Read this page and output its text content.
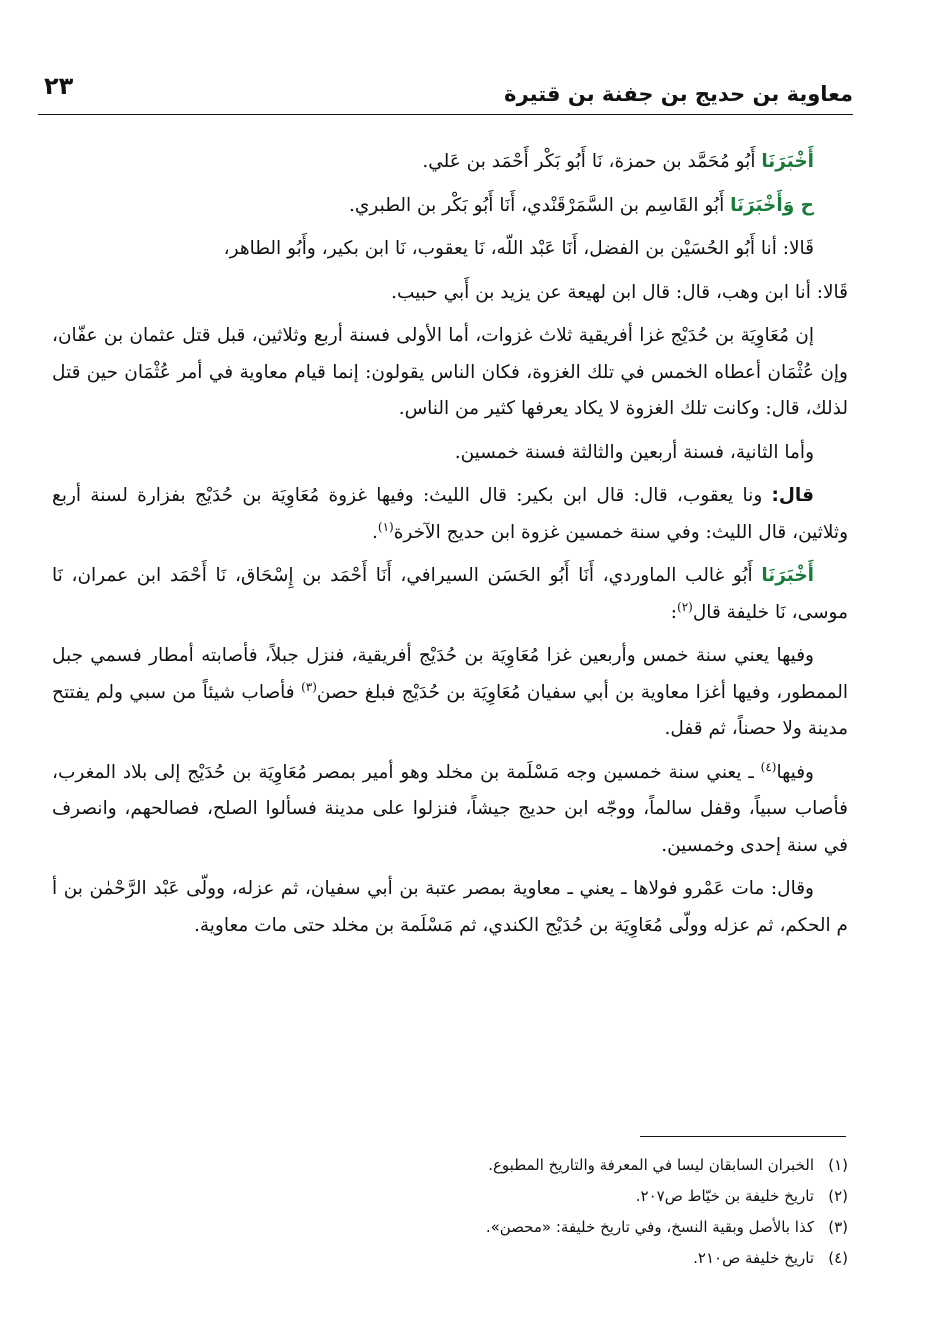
معاوية بن حديج بن جفنة بن قتيرة
٢٣

أَخْبَرَنَا أَبُو مُحَمَّد بن حمزة، نَا أَبُو بَكْر أَحْمَد بن عَلي.

ح وَأَخْبَرَنَا أَبُو القَاسِم بن السَّمَرْقَنْدي، أَنَا أَبُو بَكْر بن الطبري.

قَالا: أنا أَبُو الحُسَيْن بن الفضل، أَنَا عَبْد اللّه، نَا يعقوب، نَا ابن بكير، وأَبُو الطاهر،

قَالا: أنا ابن وهب، قال: قال ابن لهيعة عن يزيد بن أَبي حبيب.

إن مُعَاوِيَة بن حُدَيْج غزا أفريقية ثلاث غزوات، أما الأولى فسنة أربع وثلاثين، قبل قتل عثمان بن عفّان، وإن عُثْمَان أعطاه الخمس في تلك الغزوة، فكان الناس يقولون: إنما قيام معاوية في أمر عُثْمَان حين قتل لذلك، قال: وكانت تلك الغزوة لا يكاد يعرفها كثير من الناس.

وأما الثانية، فسنة أربعين والثالثة فسنة خمسين.

قال: ونا يعقوب، قال: قال ابن بكير: قال الليث: وفيها غزوة مُعَاوِيَة بن حُدَيْج بفزارة لسنة أربع وثلاثين، قال الليث: وفي سنة خمسين غزوة ابن حديج الآخرة$^{(١)}$.

أَخْبَرَنَا أَبُو غالب الماوردي، أَنَا أَبُو الحَسَن السيرافي، أَنَا أَحْمَد بن إِسْحَاق، نَا أَحْمَد ابن عمران، نَا موسى، نَا خليفة قال$^{(٢)}$:

وفيها يعني سنة خمس وأربعين غزا مُعَاوِيَة بن حُدَيْج أفريقية، فنزل جبلاً، فأصابته أمطار فسمي جبل الممطور، وفيها أغزا معاوية بن أبي سفيان مُعَاوِيَة بن حُدَيْج فبلغ حصن$^{(٣)}$ فأصاب شيئاً من سبي ولم يفتتح مدينة ولا حصناً، ثم قفل.

وفيها$^{(٤)}$ ـ يعني سنة خمسين وجه مَسْلَمة بن مخلد وهو أمير بمصر مُعَاوِيَة بن حُدَيْج إلى بلاد المغرب، فأصاب سبياً، وقفل سالماً، ووجّه ابن حديج جيشاً، فنزلوا على مدينة فسألوا الصلح، فصالحهم، وانصرف في سنة إحدى وخمسين.

وقال: مات عَمْرو فولاها ـ يعني ـ معاوية بمصر عتبة بن أبي سفيان، ثم عزله، وولّى عَبْد الرَّحْمٰن بن أ م الحكم، ثم عزله وولّى مُعَاوِيَة بن حُدَيْج الكندي، ثم مَسْلَمة بن مخلد حتى مات معاوية.

(١)الخبران السابقان ليسا في المعرفة والتاريخ المطبوع.
(٢)تاريخ خليفة بن خيّاط ص٢٠٧.
(٣)كذا بالأصل وبقية النسخ، وفي تاريخ خليفة: «محصن».
(٤)تاريخ خليفة ص٢١٠.
